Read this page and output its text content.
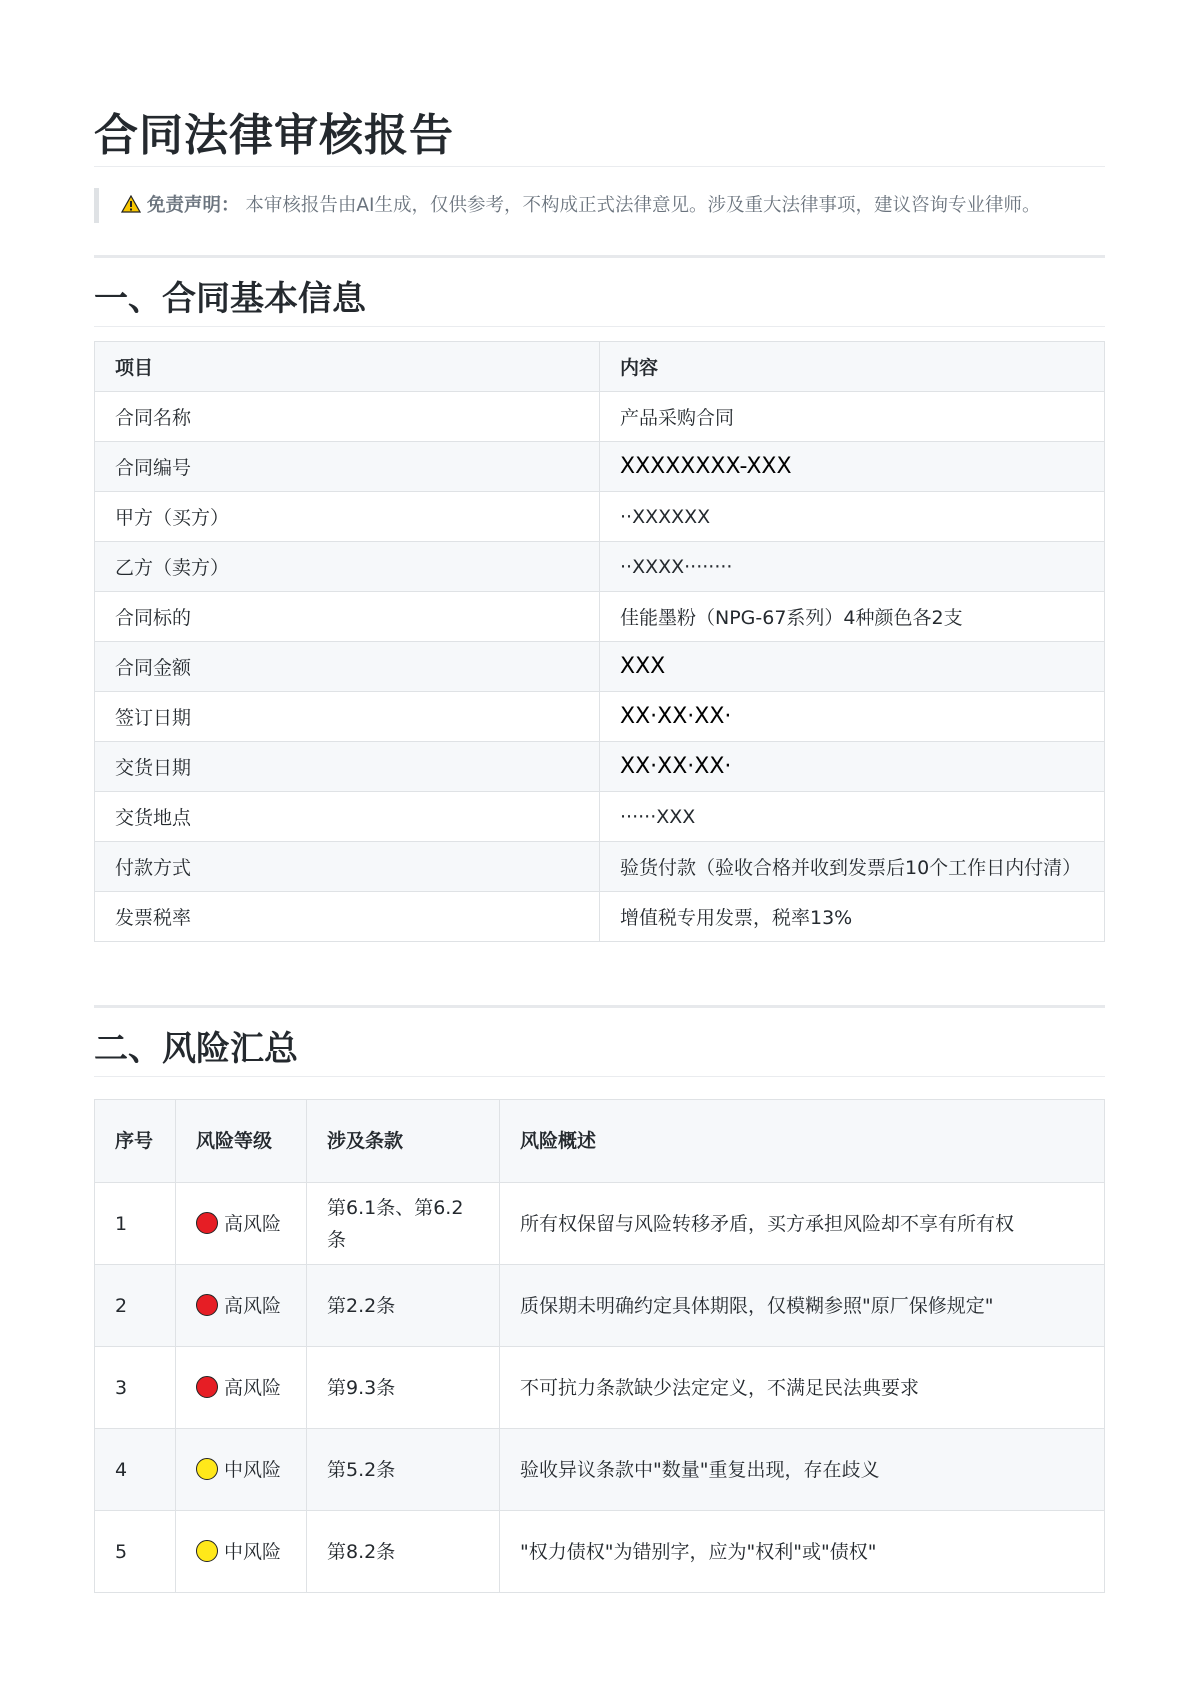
合同法律审核报告
免责声明： 本审核报告由AI生成，仅供参考，不构成正式法律意见。涉及重大法律事项，建议咨询专业律师。
一、合同基本信息
项目	内容
合同名称	产品采购合同
合同编号	XXXXXXXX-XXX
甲方（买方）	··XXXXXX
乙方（卖方）	··XXXX········
合同标的	佳能墨粉（NPG-67系列）4种颜色各2支
合同金额	XXX
签订日期	XX·XX·XX·
交货日期	XX·XX·XX·
交货地点	······XXX
付款方式	验货付款（验收合格并收到发票后10个工作日内付清）
发票税率	增值税专用发票，税率13%
二、风险汇总
序号	风险等级	涉及条款	风险概述
1	高风险	第6.1条、第6.2条	所有权保留与风险转移矛盾，买方承担风险却不享有所有权
2	高风险	第2.2条	质保期未明确约定具体期限，仅模糊参照"原厂保修规定"
3	高风险	第9.3条	不可抗力条款缺少法定定义，不满足民法典要求
4	中风险	第5.2条	验收异议条款中"数量"重复出现，存在歧义
5	中风险	第8.2条	"权力债权"为错别字，应为"权利"或"债权"
